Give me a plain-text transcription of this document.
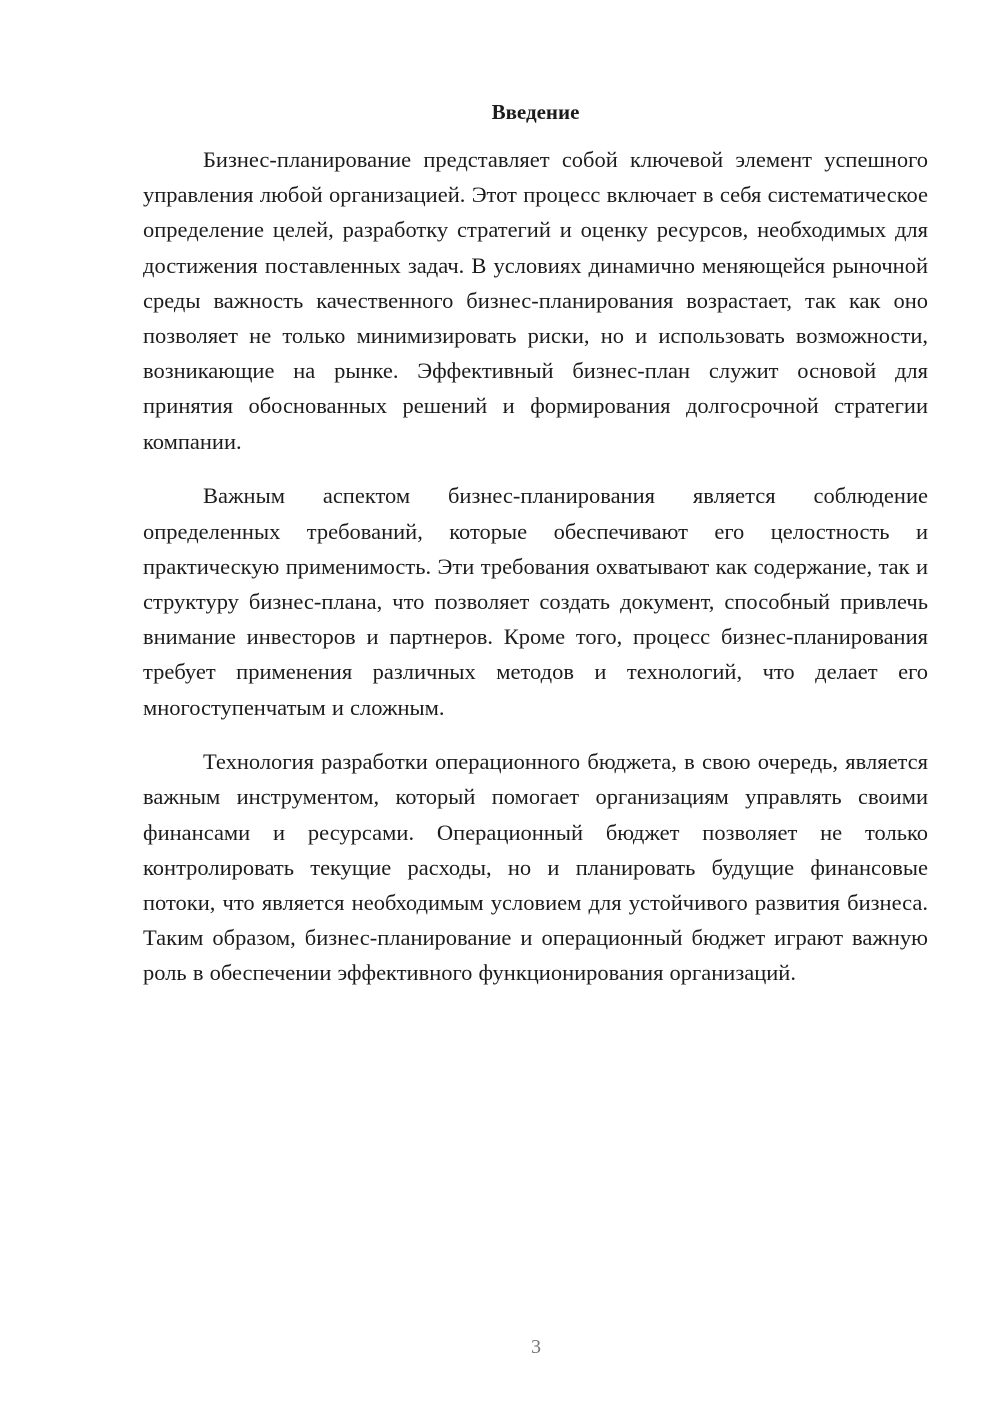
Введение

Бизнес-планирование представляет собой ключевой элемент успешного управления любой организацией. Этот процесс включает в себя систематическое определение целей, разработку стратегий и оценку ресурсов, необходимых для достижения поставленных задач. В условиях динамично меняющейся рыночной среды важность качественного бизнес-планирования возрастает, так как оно позволяет не только минимизировать риски, но и использовать возможности, возникающие на рынке. Эффективный бизнес-план служит основой для принятия обоснованных решений и формирования долгосрочной стратегии компании.

Важным аспектом бизнес-планирования является соблюдение определенных требований, которые обеспечивают его целостность и практическую применимость. Эти требования охватывают как содержание, так и структуру бизнес-плана, что позволяет создать документ, способный привлечь внимание инвесторов и партнеров. Кроме того, процесс бизнес-планирования требует применения различных методов и технологий, что делает его многоступенчатым и сложным.

Технология разработки операционного бюджета, в свою очередь, является важным инструментом, который помогает организациям управлять своими финансами и ресурсами. Операционный бюджет позволяет не только контролировать текущие расходы, но и планировать будущие финансовые потоки, что является необходимым условием для устойчивого развития бизнеса. Таким образом, бизнес-планирование и операционный бюджет играют важную роль в обеспечении эффективного функционирования организаций.

3
